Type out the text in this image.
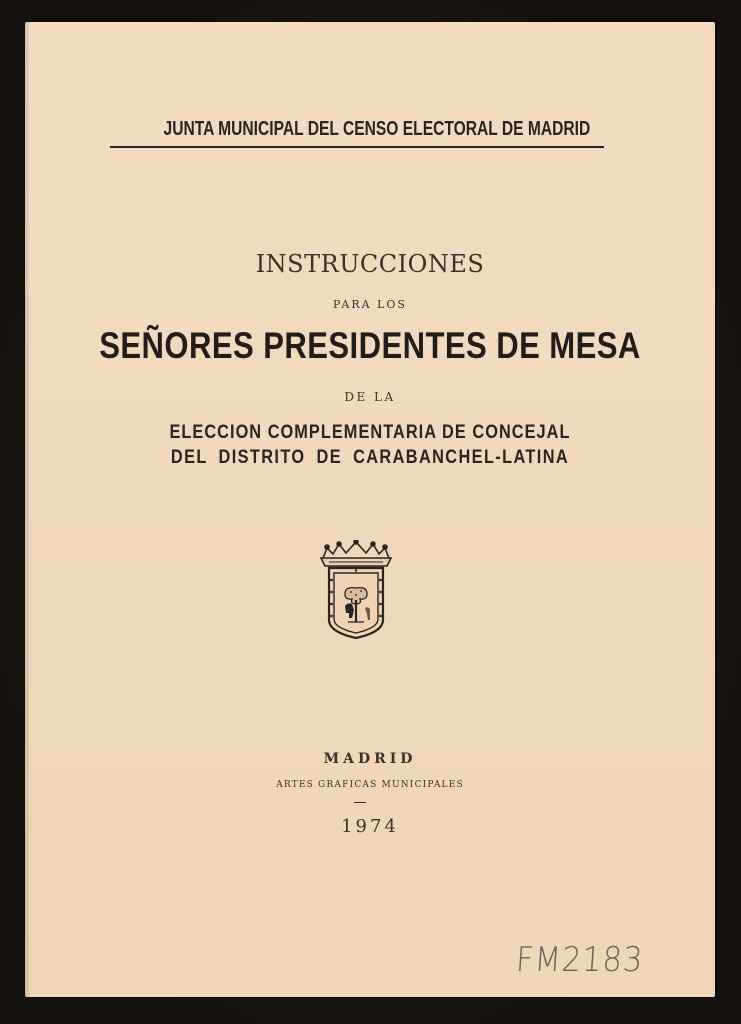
JUNTA MUNICIPAL DEL CENSO ELECTORAL DE MADRID
INSTRUCCIONES
PARA LOS
SEÑORES PRESIDENTES DE MESA
DE LA
ELECCION COMPLEMENTARIA DE CONCEJAL
DEL DISTRITO DE CARABANCHEL-LATINA
MADRID
ARTES GRAFICAS MUNICIPALES
1974
FM2183
